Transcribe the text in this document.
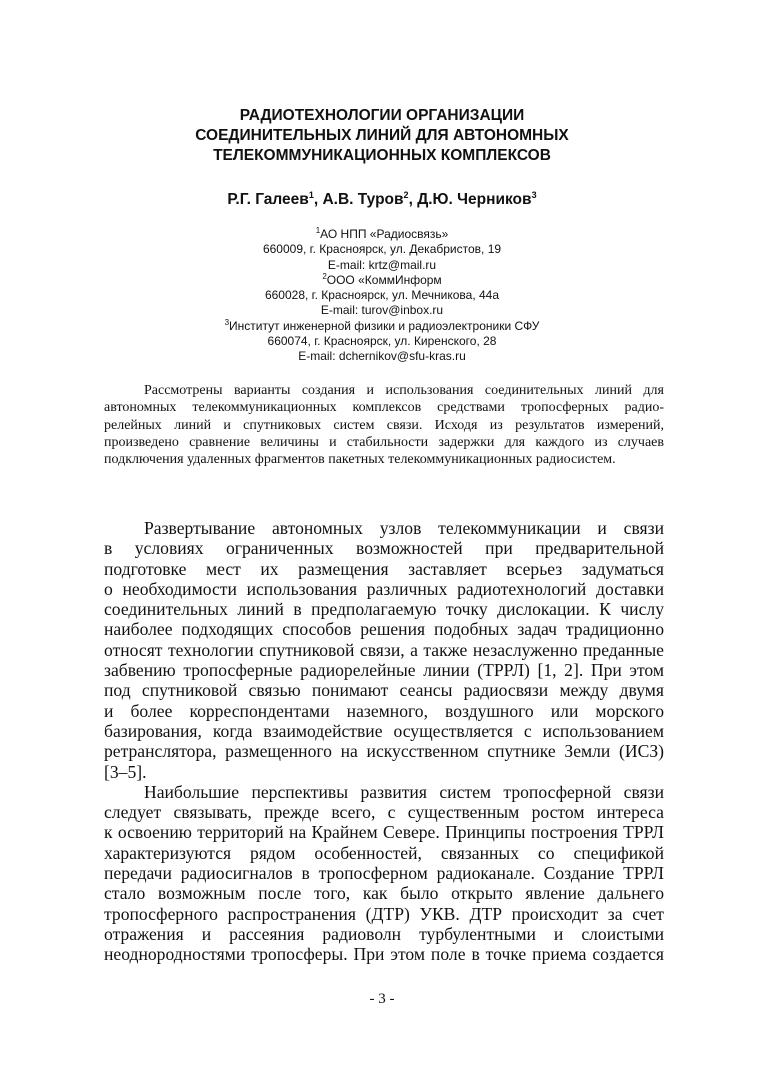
РАДИОТЕХНОЛОГИИ ОРГАНИЗАЦИИ
СОЕДИНИТЕЛЬНЫХ ЛИНИЙ ДЛЯ АВТОНОМНЫХ
ТЕЛЕКОММУНИКАЦИОННЫХ КОМПЛЕКСОВ
Р.Г. Галеев$^1$, А.В. Туров$^2$, Д.Ю. Черников$^3$
$^1$АО НПП «Радиосвязь»
660009, г. Красноярск, ул. Декабристов, 19
E-mail: krtz@mail.ru
$^2$ООО «КоммИнформ
660028, г. Красноярск, ул. Мечникова, 44а
E-mail: turov@inbox.ru
$^3$Институт инженерной физики и радиоэлектроники СФУ
660074, г. Красноярск, ул. Киренского, 28
E-mail: dchernikov@sfu-kras.ru
Рассмотрены варианты создания и использования соединительных линий для
автономных телекоммуникационных комплексов средствами тропосферных радио-
релейных линий и спутниковых систем связи. Исходя из результатов измерений,
произведено сравнение величины и стабильности задержки для каждого из случаев
подключения удаленных фрагментов пакетных телекоммуникационных радиосистем.
Развертывание автономных узлов телекоммуникации и связи
в условиях ограниченных возможностей при предварительной
подготовке мест их размещения заставляет всерьез задуматься
о необходимости использования различных радиотехнологий доставки
соединительных линий в предполагаемую точку дислокации. К числу
наиболее подходящих способов решения подобных задач традиционно
относят технологии спутниковой связи, а также незаслуженно преданные
забвению тропосферные радиорелейные линии (ТРРЛ) [1, 2]. При этом
под спутниковой связью понимают сеансы радиосвязи между двумя
и более корреспондентами наземного, воздушного или морского
базирования, когда взаимодействие осуществляется с использованием
ретранслятора, размещенного на искусственном спутнике Земли (ИСЗ)
[3–5].
Наибольшие перспективы развития систем тропосферной связи
следует связывать, прежде всего, с существенным ростом интереса
к освоению территорий на Крайнем Севере. Принципы построения ТРРЛ
характеризуются рядом особенностей, связанных со спецификой
передачи радиосигналов в тропосферном радиоканале. Создание ТРРЛ
стало возможным после того, как было открыто явление дальнего
тропосферного распространения (ДТР) УКВ. ДТР происходит за счет
отражения и рассеяния радиоволн турбулентными и слоистыми
неоднородностями тропосферы. При этом поле в точке приема создается
- 3 -
